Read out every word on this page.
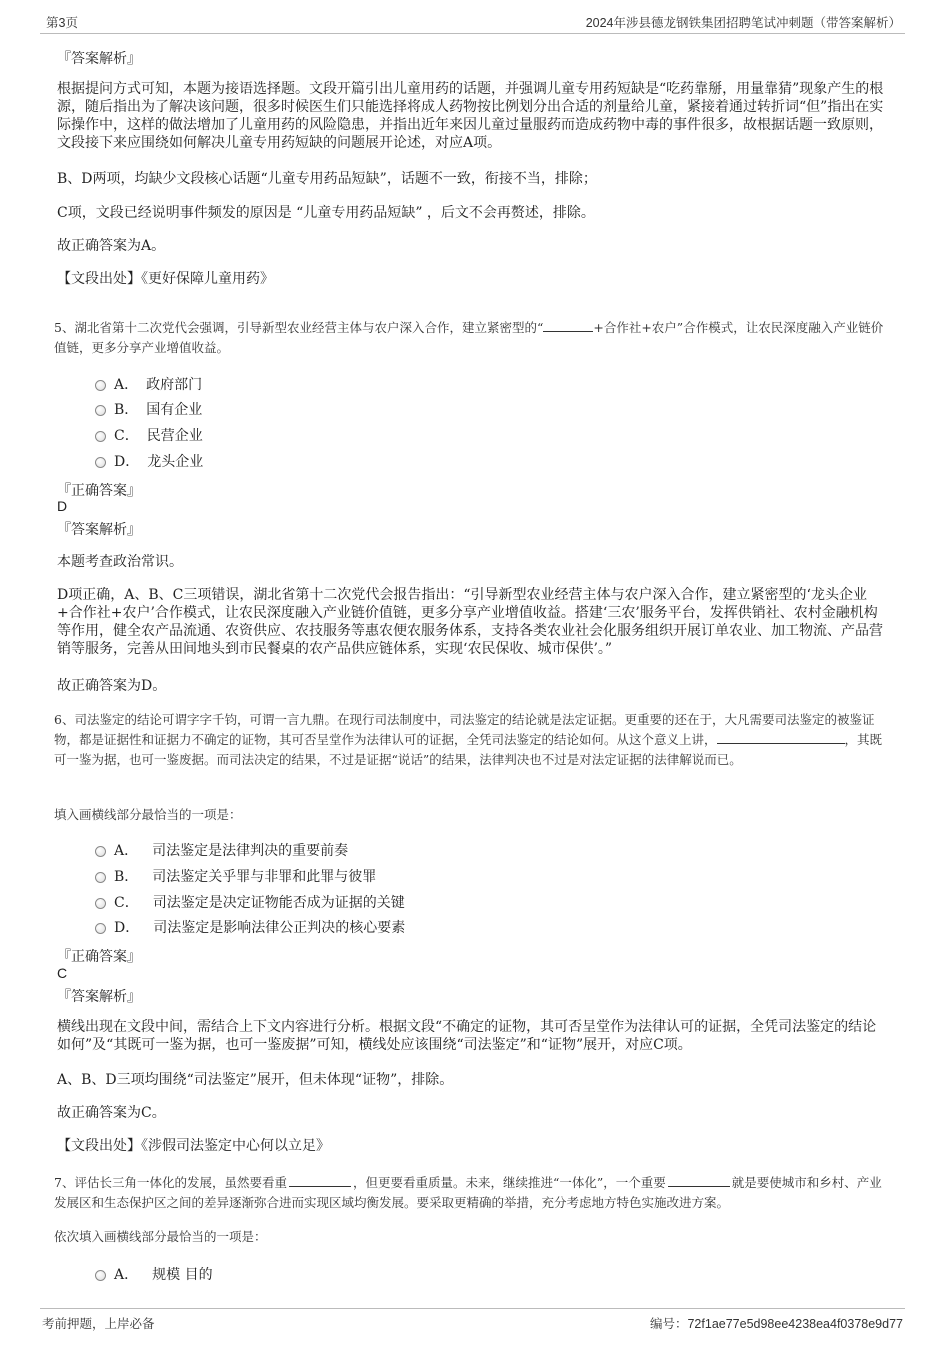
第3页	2024年涉县德龙钢铁集团招聘笔试冲刺题（带答案解析）
『答案解析』
根据提问方式可知，本题为接语选择题。文段开篇引出儿童用药的话题，并强调儿童专用药短缺是“吃药靠掰，用量靠猜”现象产生的根源，随后指出为了解决该问题，很多时候医生们只能选择将成人药物按比例划分出合适的剂量给儿童，紧接着通过转折词“但”指出在实际操作中，这样的做法增加了儿童用药的风险隐患，并指出近年来因儿童过量服药而造成药物中毒的事件很多，故根据话题一致原则，文段接下来应围绕如何解决儿童专用药短缺的问题展开论述，对应A项。
B、D两项，均缺少文段核心话题“儿童专用药品短缺”，话题不一致，衔接不当，排除；
C项，文段已经说明事件频发的原因是 “儿童专用药品短缺” ，后文不会再赘述，排除。
故正确答案为A。
【文段出处】《更好保障儿童用药》
5、湖北省第十二次党代会强调，引导新型农业经营主体与农户深入合作，建立紧密型的“	+合作社+农户”合作模式，让农民深度融入产业链价值链，更多分享产业增值收益。
A． 政府部门
B． 国有企业
C． 民营企业
D． 龙头企业
『正确答案』
D
『答案解析』
本题考查政治常识。
D项正确，A、B、C三项错误，湖北省第十二次党代会报告指出：“引导新型农业经营主体与农户深入合作，建立紧密型的‘龙头企业+合作社+农户’合作模式，让农民深度融入产业链价值链，更多分享产业增值收益。搭建‘三农’服务平台，发挥供销社、农村金融机构等作用，健全农产品流通、农资供应、农技服务等惠农便农服务体系，支持各类农业社会化服务组织开展订单农业、加工物流、产品营销等服务，完善从田间地头到市民餐桌的农产品供应链体系，实现‘农民保收、城市保供’。”
故正确答案为D。
6、司法鉴定的结论可谓字字千钧，可谓一言九鼎。在现行司法制度中，司法鉴定的结论就是法定证据。更重要的还在于，大凡需要司法鉴定的被鉴证物，都是证据性和证据力不确定的证物，其可否呈堂作为法律认可的证据，全凭司法鉴定的结论如何。从这个意义上讲，	，其既可一鉴为据，也可一鉴废据。而司法决定的结果，不过是证据“说话”的结果，法律判决也不过是对法定证据的法律解说而已。
填入画横线部分最恰当的一项是：
A． 司法鉴定是法律判决的重要前奏
B． 司法鉴定关乎罪与非罪和此罪与彼罪
C． 司法鉴定是决定证物能否成为证据的关键
D． 司法鉴定是影响法律公正判决的核心要素
『正确答案』
C
『答案解析』
横线出现在文段中间，需结合上下文内容进行分析。根据文段“不确定的证物，其可否呈堂作为法律认可的证据，全凭司法鉴定的结论如何”及“其既可一鉴为据，也可一鉴废据”可知，横线处应该围绕“司法鉴定”和“证物”展开，对应C项。
A、B、D三项均围绕“司法鉴定”展开，但未体现“证物”，排除。
故正确答案为C。
【文段出处】《涉假司法鉴定中心何以立足》
7、评估长三角一体化的发展，虽然要看重	，但更要看重质量。未来，继续推进“一体化”，一个重要	就是要使城市和乡村、产业发展区和生态保护区之间的差异逐渐弥合进而实现区域均衡发展。要采取更精确的举措，充分考虑地方特色实施改进方案。
依次填入画横线部分最恰当的一项是：
A． 规模 目的
考前押题，上岸必备	编号：72f1ae77e5d98ee4238ea4f0378e9d77
